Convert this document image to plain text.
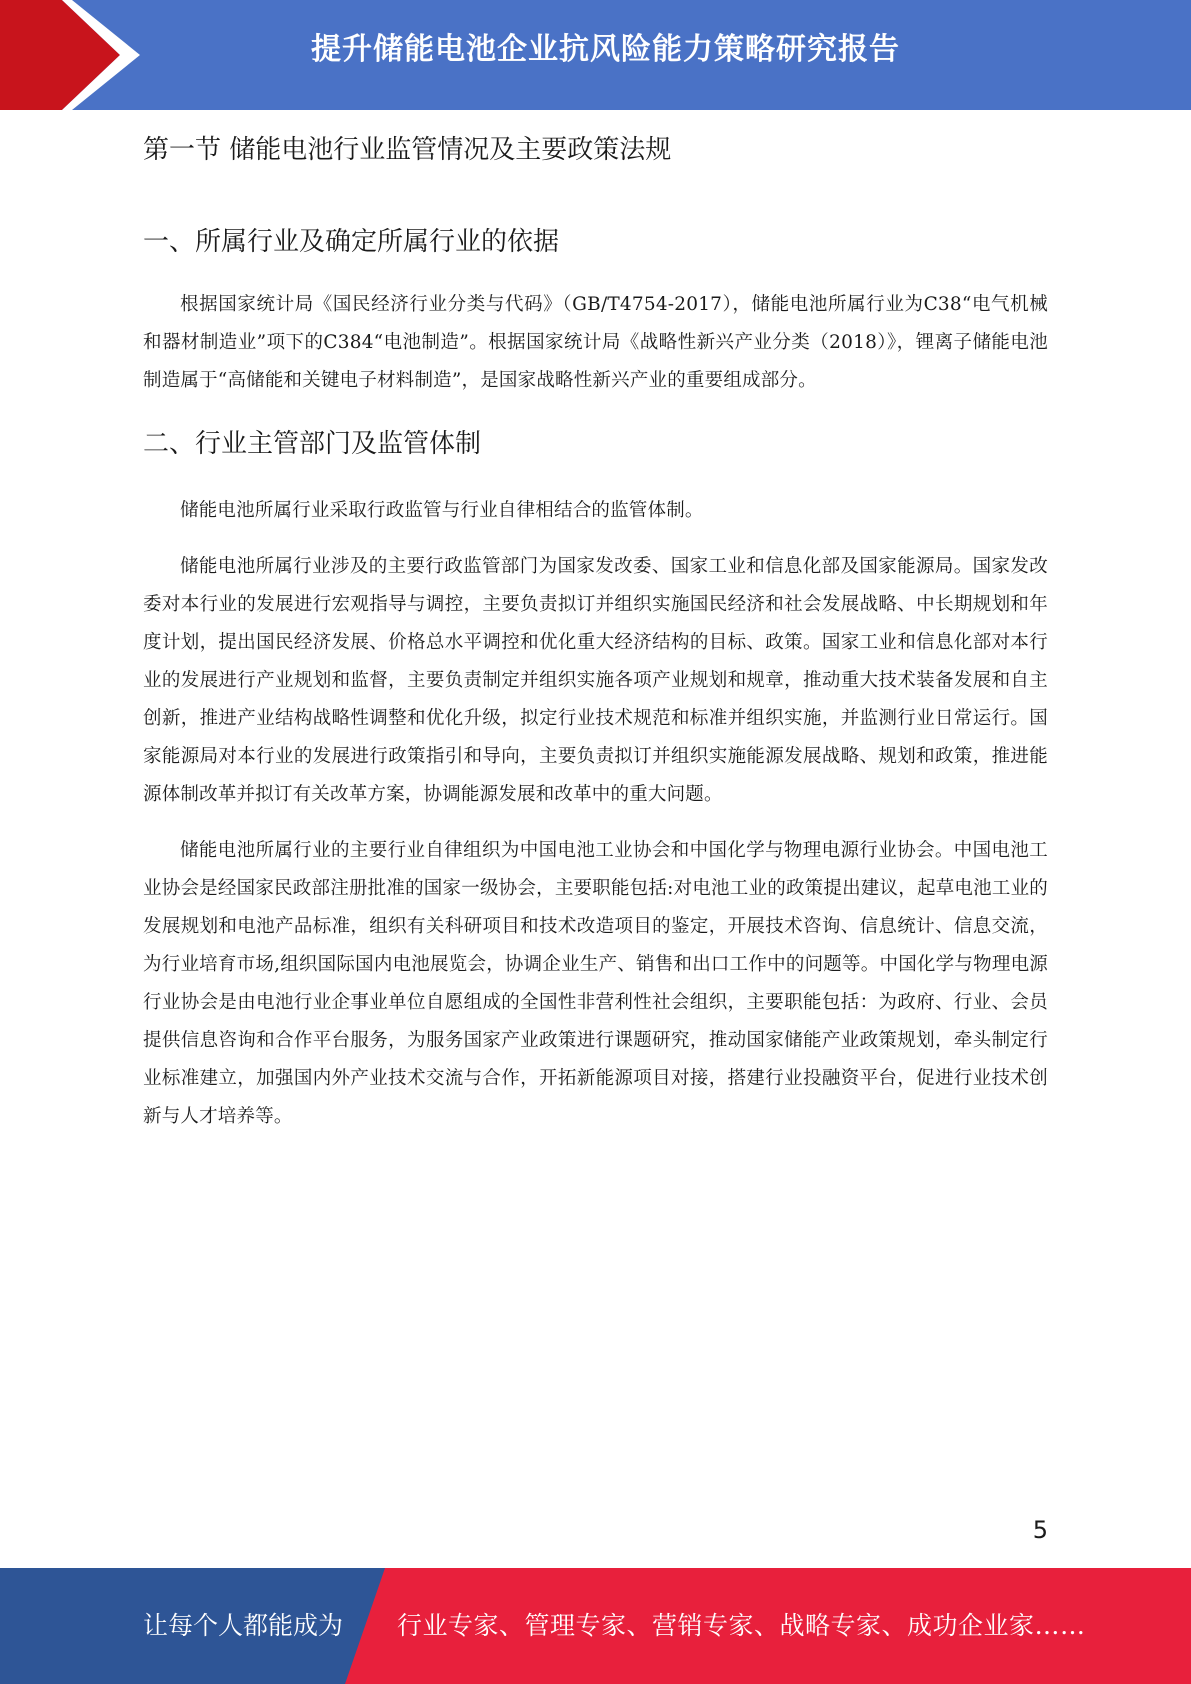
提升储能电池企业抗风险能力策略研究报告
第一节 储能电池行业监管情况及主要政策法规
一、所属行业及确定所属行业的依据

根据国家统计局《国民经济行业分类与代码》（GB/T4754-2017），储能电池所属行业为C38“电气机械和器材制造业”项下的C384“电池制造”。根据国家统计局《战略性新兴产业分类（2018）》，锂离子储能电池制造属于“高储能和关键电子材料制造”，是国家战略性新兴产业的重要组成部分。

二、行业主管部门及监管体制

储能电池所属行业采取行政监管与行业自律相结合的监管体制。

储能电池所属行业涉及的主要行政监管部门为国家发改委、国家工业和信息化部及国家能源局。国家发改委对本行业的发展进行宏观指导与调控，主要负责拟订并组织实施国民经济和社会发展战略、中长期规划和年度计划，提出国民经济发展、价格总水平调控和优化重大经济结构的目标、政策。国家工业和信息化部对本行业的发展进行产业规划和监督，主要负责制定并组织实施各项产业规划和规章，推动重大技术装备发展和自主创新，推进产业结构战略性调整和优化升级，拟定行业技术规范和标准并组织实施，并监测行业日常运行。国家能源局对本行业的发展进行政策指引和导向，主要负责拟订并组织实施能源发展战略、规划和政策，推进能源体制改革并拟订有关改革方案，协调能源发展和改革中的重大问题。

储能电池所属行业的主要行业自律组织为中国电池工业协会和中国化学与物理电源行业协会。中国电池工业协会是经国家民政部注册批准的国家一级协会，主要职能包括:对电池工业的政策提出建议，起草电池工业的发展规划和电池产品标准，组织有关科研项目和技术改造项目的鉴定，开展技术咨询、信息统计、信息交流，为行业培育市场,组织国际国内电池展览会，协调企业生产、销售和出口工作中的问题等。中国化学与物理电源行业协会是由电池行业企事业单位自愿组成的全国性非营利性社会组织，主要职能包括：为政府、行业、会员提供信息咨询和合作平台服务，为服务国家产业政策进行课题研究，推动国家储能产业政策规划，牵头制定行业标准建立，加强国内外产业技术交流与合作，开拓新能源项目对接，搭建行业投融资平台，促进行业技术创新与人才培养等。

5
让每个人都能成为 行业专家、管理专家、营销专家、战略专家、成功企业家……
